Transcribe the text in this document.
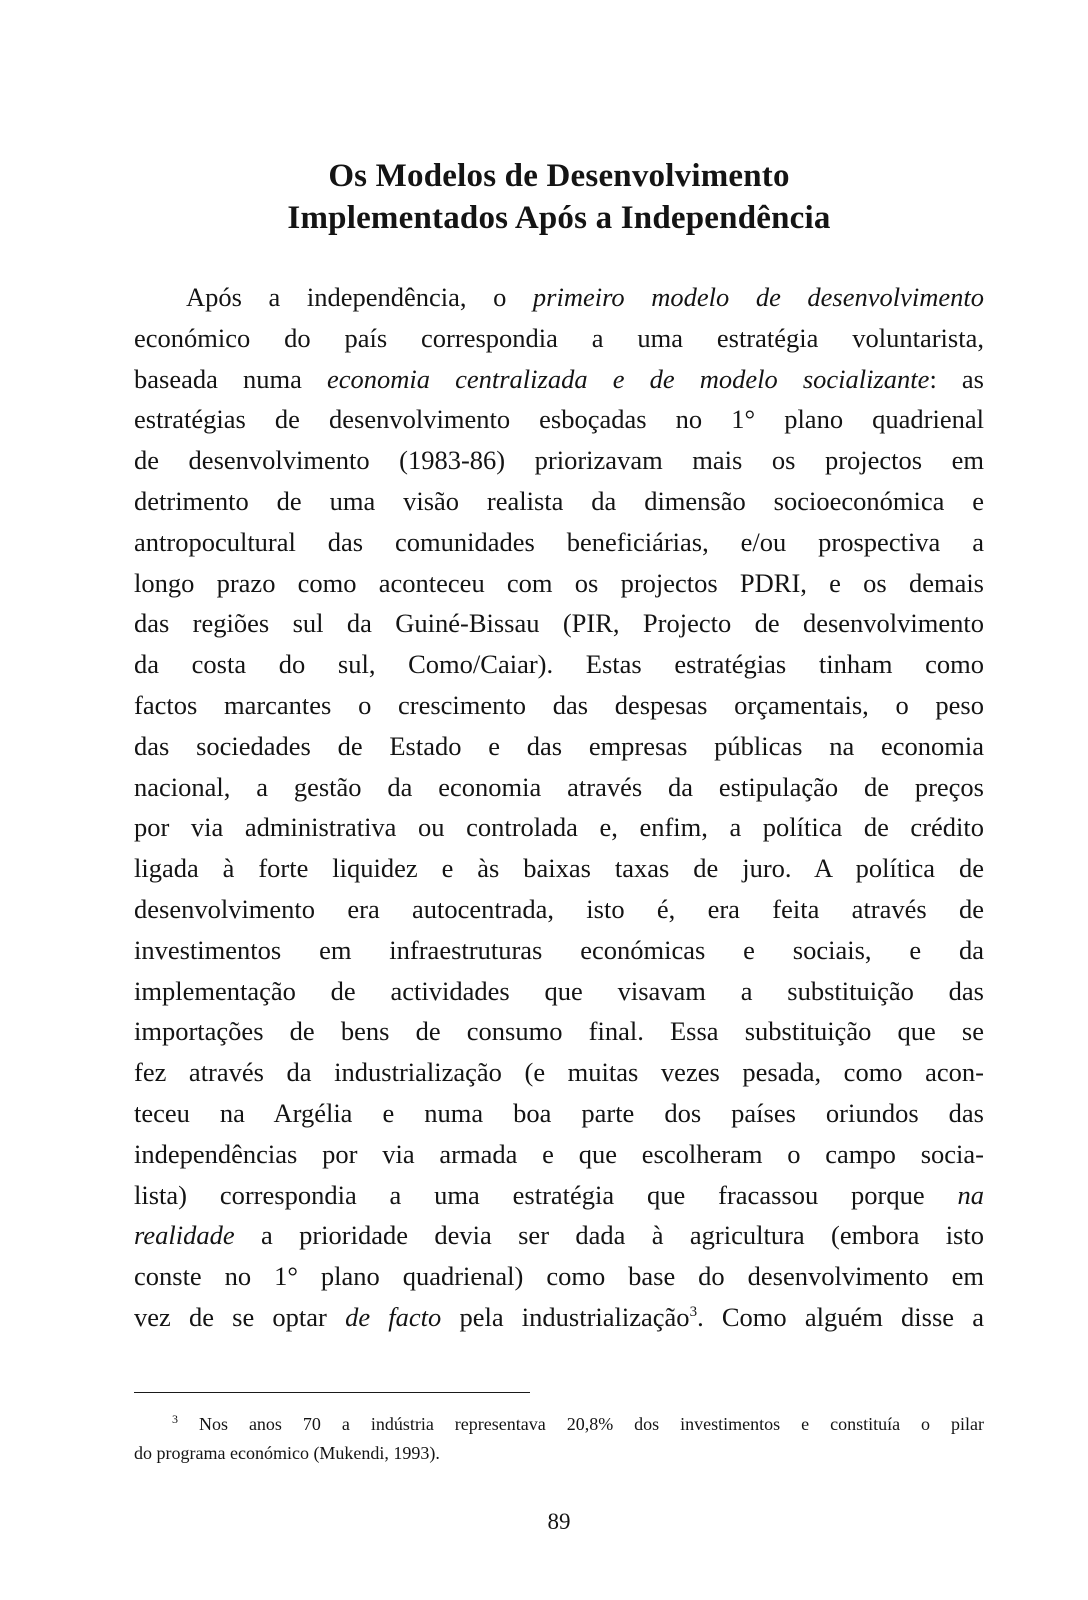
Os Modelos de Desenvolvimento
Implementados Após a Independência
Após a independência, o primeiro modelo de desenvolvimento
económico do país correspondia a uma estratégia voluntarista,
baseada numa economia centralizada e de modelo socializante: as
estratégias de desenvolvimento esboçadas no 1° plano quadrienal
de desenvolvimento (1983-86) priorizavam mais os projectos em
detrimento de uma visão realista da dimensão socioeconómica e
antropocultural das comunidades beneficiárias, e/ou prospectiva a
longo prazo como aconteceu com os projectos PDRI, e os demais
das regiões sul da Guiné-Bissau (PIR, Projecto de desenvolvimento
da costa do sul, Como/Caiar). Estas estratégias tinham como
factos marcantes o crescimento das despesas orçamentais, o peso
das sociedades de Estado e das empresas públicas na economia
nacional, a gestão da economia através da estipulação de preços
por via administrativa ou controlada e, enfim, a política de crédito
ligada à forte liquidez e às baixas taxas de juro. A política de
desenvolvimento era autocentrada, isto é, era feita através de
investimentos em infraestruturas económicas e sociais, e da
implementação de actividades que visavam a substituição das
importações de bens de consumo final. Essa substituição que se
fez através da industrialização (e muitas vezes pesada, como acon-
teceu na Argélia e numa boa parte dos países oriundos das
independências por via armada e que escolheram o campo socia-
lista) correspondia a uma estratégia que fracassou porque na
realidade a prioridade devia ser dada à agricultura (embora isto
conste no 1° plano quadrienal) como base do desenvolvimento em
vez de se optar de facto pela industrialização$^3$. Como alguém disse a
$^3$ Nos anos 70 a indústria representava 20,8% dos investimentos e constituía o pilar
do programa económico (Mukendi, 1993).
89
